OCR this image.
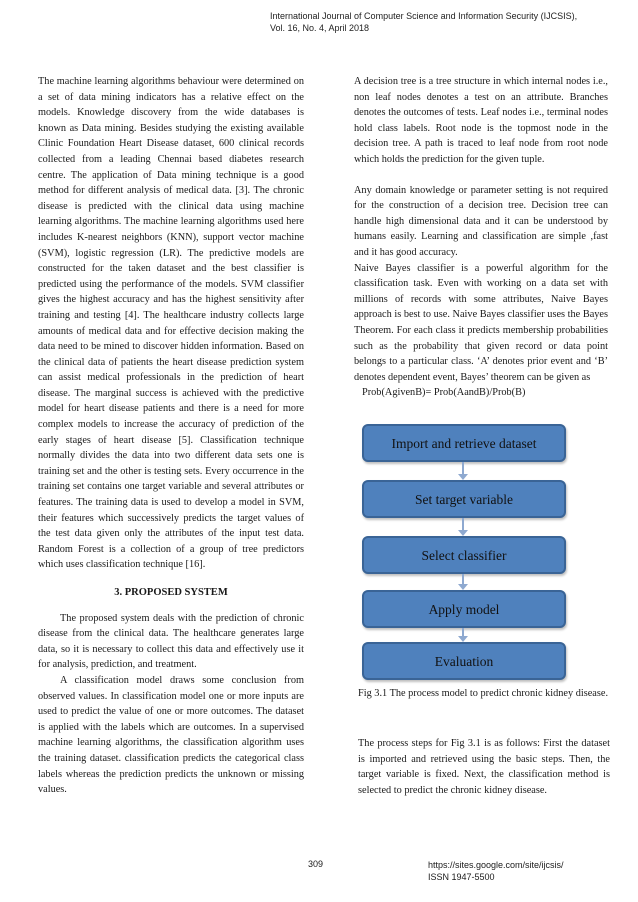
International Journal of Computer Science and Information Security (IJCSIS),
Vol. 16, No. 4, April 2018

The machine learning algorithms behaviour were determined on a set of data mining indicators has a relative effect on the models. Knowledge discovery from the wide databases is known as Data mining. Besides studying the existing available Clinic Foundation Heart Disease dataset, 600 clinical records collected from a leading Chennai based diabetes research centre. The application of Data mining technique is a good method for different analysis of medical data. [3]. The chronic disease is predicted with the clinical data using machine learning algorithms. The machine learning algorithms used here includes K-nearest neighbors (KNN), support vector machine (SVM), logistic regression (LR). The predictive models are constructed for the taken dataset and the best classifier is predicted using the performance of the models. SVM classifier gives the highest accuracy and has the highest sensitivity after training and testing [4]. The healthcare industry collects large amounts of medical data and for effective decision making the data need to be mined to discover hidden information. Based on the clinical data of patients the heart disease prediction system can assist medical professionals in the prediction of heart disease. The marginal success is achieved with the predictive model for heart disease patients and there is a need for more complex models to increase the accuracy of prediction of the early stages of heart disease [5]. Classification technique normally divides the data into two different data sets one is training set and the other is testing sets. Every occurrence in the training set contains one target variable and several attributes or features. The training data is used to develop a model in SVM, their features which successively predicts the target values of the test data given only the attributes of the input test data. Random Forest is a collection of a group of tree predictors which uses classification technique [16].

3. PROPOSED SYSTEM

The proposed system deals with the prediction of chronic disease from the clinical data. The healthcare generates large data, so it is necessary to collect this data and effectively use it for analysis, prediction, and treatment.

A classification model draws some conclusion from observed values. In classification model one or more inputs are used to predict the value of one or more outcomes. The dataset is applied with the labels which are outcomes. In a supervised machine learning algorithms, the classification algorithm uses the training dataset. classification predicts the categorical class labels whereas the prediction predicts the unknown or missing values.

A decision tree is a tree structure in which internal nodes i.e., non leaf nodes denotes a test on an attribute. Branches denotes the outcomes of tests. Leaf nodes i.e., terminal nodes hold class labels. Root node is the topmost node in the decision tree. A path is traced to leaf node from root node which holds the prediction for the given tuple.

Any domain knowledge or parameter setting is not required for the construction of a decision tree. Decision tree can handle high dimensional data and it can be understood by humans easily. Learning and classification are simple ,fast and it has good accuracy.

Naive Bayes classifier is a powerful algorithm for the classification task. Even with working on a data set with millions of records with some attributes, Naive Bayes approach is best to use. Naive Bayes classifier uses the Bayes Theorem. For each class it predicts membership probabilities such as the probability that given record or data point belongs to a particular class. ‘A’ denotes prior event and ‘B’ denotes dependent event, Bayes’ theorem can be given as

Prob(AgivenB)= Prob(AandB)/Prob(B)

Import and retrieve dataset
Set target variable
Select classifier
Apply model
Evaluation
Fig 3.1 The process model to predict chronic kidney disease.
The process steps for Fig 3.1 is as follows: First the dataset is imported and retrieved using the basic steps. Then, the target variable is fixed. Next, the classification method is selected to predict the chronic kidney disease.
309	https://sites.google.com/site/ijcsis/
ISSN 1947-5500
